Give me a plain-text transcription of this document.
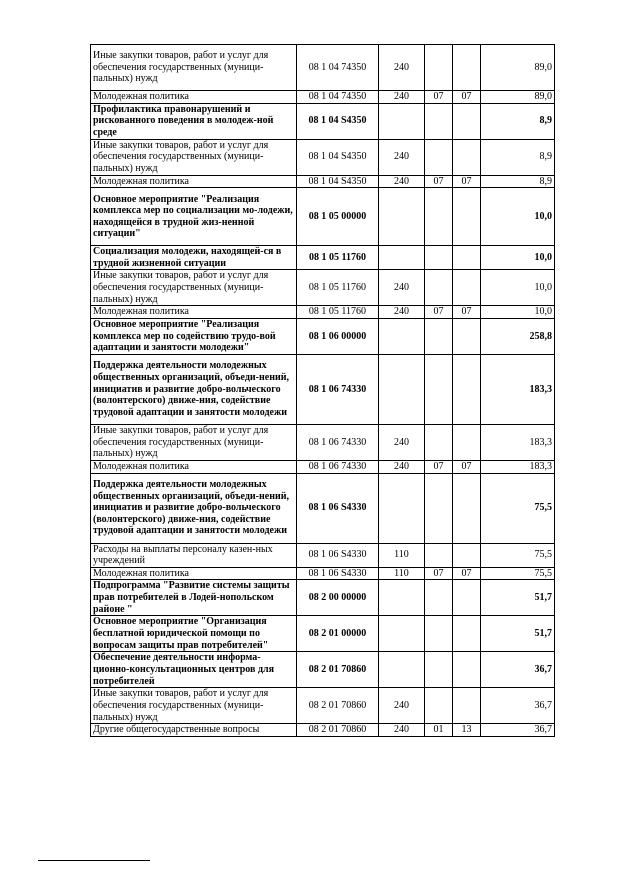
Иные закупки товаров, работ и услуг для обеспечения государственных (муници-пальных) нужд	08 1 04 74350	240			89,0
Молодежная политика	08 1 04 74350	240	07	07	89,0
Профилактика правонарушений и рискованного поведения в молодеж-ной среде	08 1 04 S4350				8,9
Иные закупки товаров, работ и услуг для обеспечения государственных (муници-пальных) нужд	08 1 04 S4350	240			8,9
Молодежная политика	08 1 04 S4350	240	07	07	8,9
Основное мероприятие "Реализация комплекса мер по социализации мо-лодежи, находящейся в трудной жиз-ненной ситуации"	08 1 05 00000				10,0
Социализация молодежи, находящей-ся в трудной жизненной ситуации	08 1 05 11760				10,0
Иные закупки товаров, работ и услуг для обеспечения государственных (муници-пальных) нужд	08 1 05 11760	240			10,0
Молодежная политика	08 1 05 11760	240	07	07	10,0
Основное мероприятие "Реализация комплекса мер по содействию трудо-вой адаптации и занятости молодежи"	08 1 06 00000				258,8
Поддержка деятельности молодежных общественных организаций, объеди-нений, инициатив и развитие добро-вольческого (волонтерского) движе-ния, содействие трудовой адаптации и занятости молодежи	08 1 06 74330				183,3
Иные закупки товаров, работ и услуг для обеспечения государственных (муници-пальных) нужд	08 1 06 74330	240			183,3
Молодежная политика	08 1 06 74330	240	07	07	183,3
Поддержка деятельности молодежных общественных организаций, объеди-нений, инициатив и развитие добро-вольческого (волонтерского) движе-ния, содействие трудовой адаптации и занятости молодежи	08 1 06 S4330				75,5
Расходы на выплаты персоналу казен-ных учреждений	08 1 06 S4330	110			75,5
Молодежная политика	08 1 06 S4330	110	07	07	75,5
Подпрограмма "Развитие системы защиты прав потребителей в Лодей-нопольском районе "	08 2 00 00000				51,7
Основное мероприятие "Организация бесплатной юридической помощи по вопросам защиты прав потребителей"	08 2 01 00000				51,7
Обеспечение деятельности информа-ционно-консультационных центров для потребителей	08 2 01 70860				36,7
Иные закупки товаров, работ и услуг для обеспечения государственных (муници-пальных) нужд	08 2 01 70860	240			36,7
Другие общегосударственные вопросы	08 2 01 70860	240	01	13	36,7
